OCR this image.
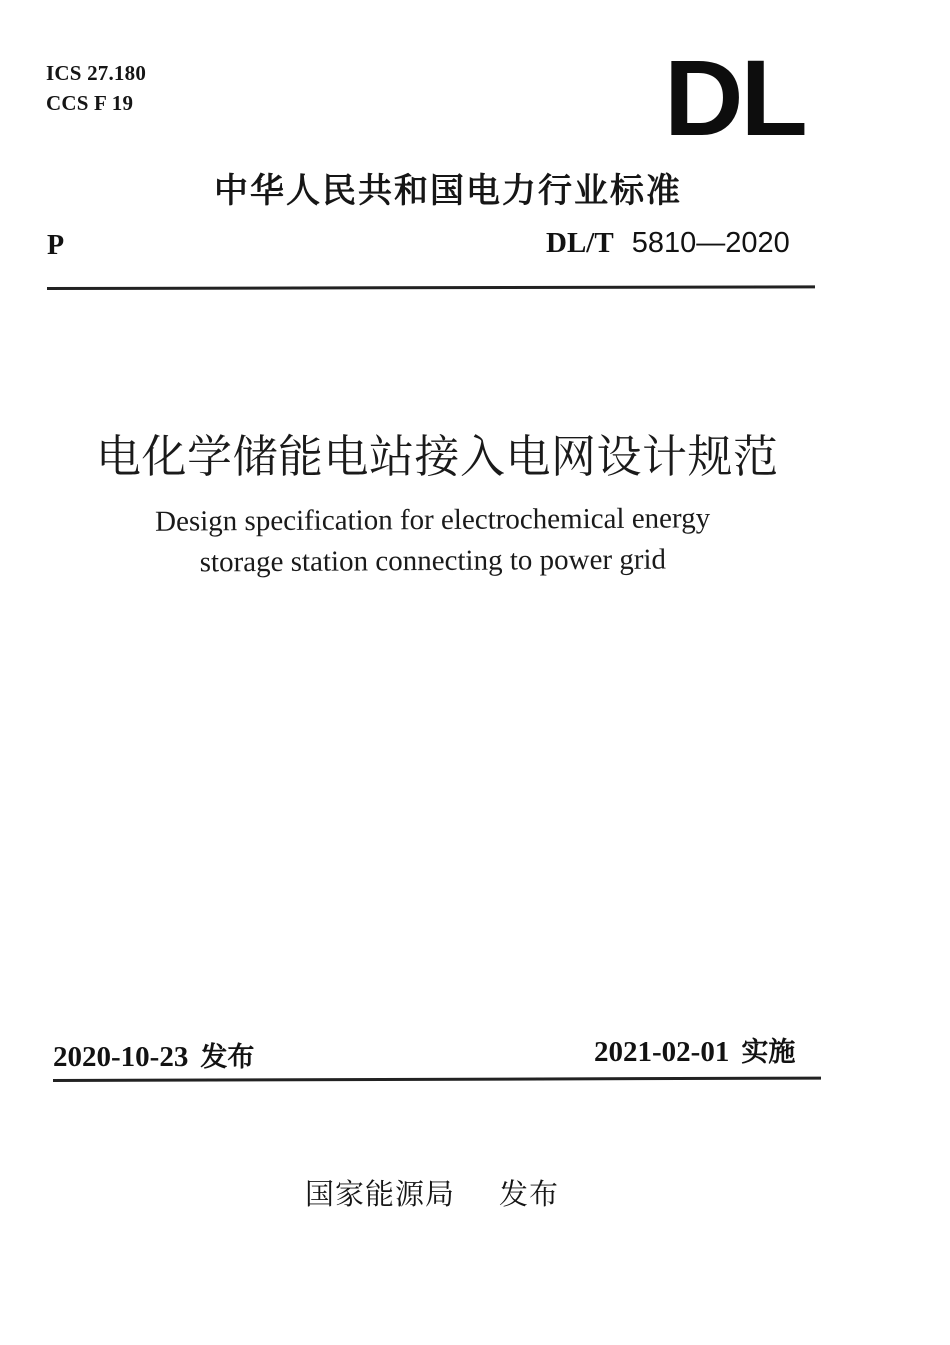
ICS 27.180
CCS F 19	DL
中华人民共和国电力行业标准
P	DL/T 5810—2020
电化学储能电站接入电网设计规范
Design specification for electrochemical energy
storage station connecting to power grid
2020-10-23 发布	2021-02-01 实施
国家能源局 发布
